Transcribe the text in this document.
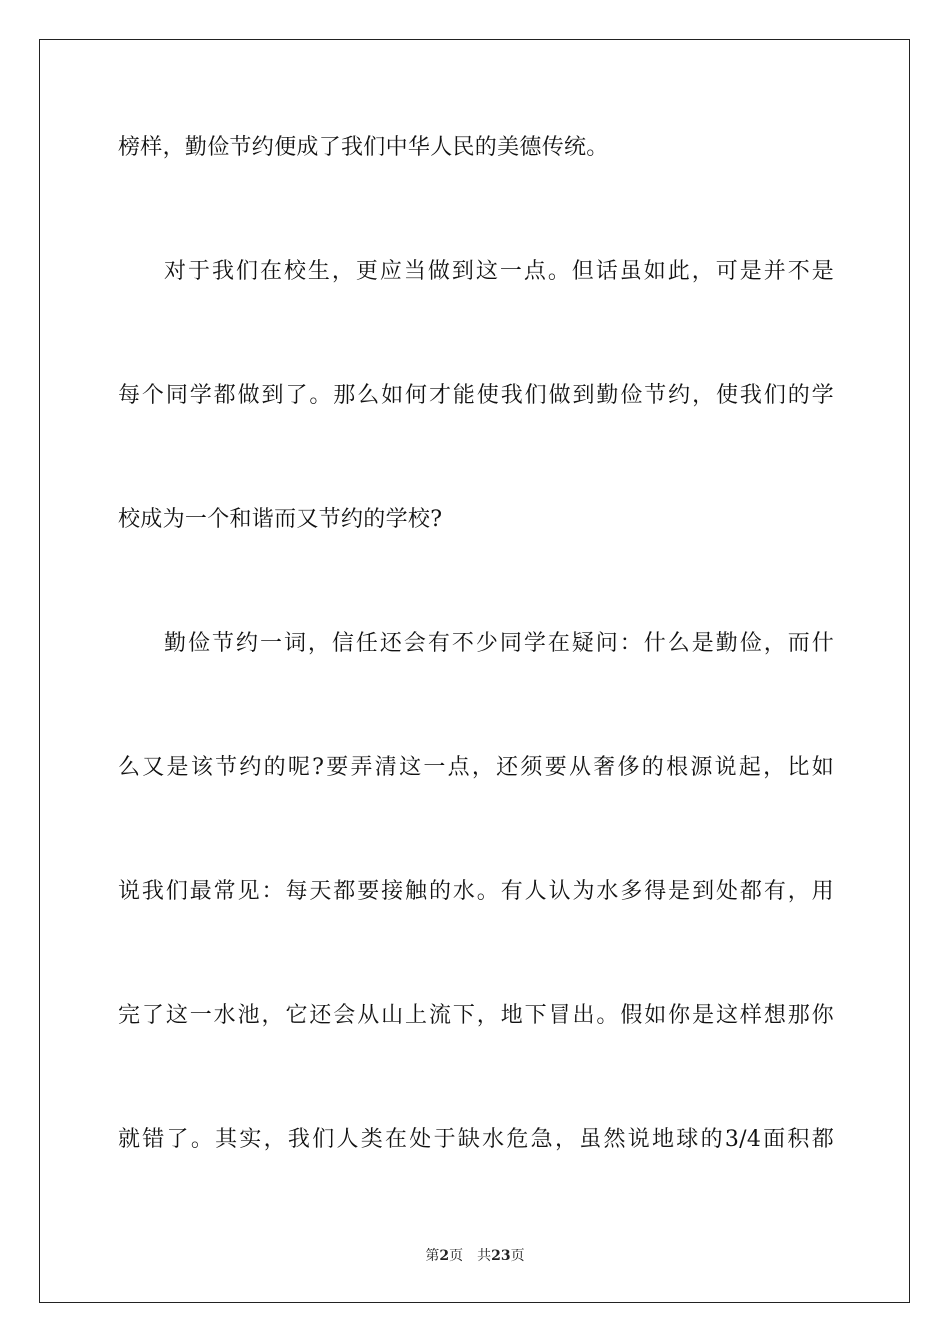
榜样，勤俭节约便成了我们中华人民的美德传统。
对于我们在校生，更应当做到这一点。但话虽如此，可是并不是
每个同学都做到了。那么如何才能使我们做到勤俭节约，使我们的学
校成为一个和谐而又节约的学校?
勤俭节约一词，信任还会有不少同学在疑问：什么是勤俭，而什
么又是该节约的呢?要弄清这一点，还须要从奢侈的根源说起，比如
说我们最常见：每天都要接触的水。有人认为水多得是到处都有，用
完了这一水池，它还会从山上流下，地下冒出。假如你是这样想那你
就错了。其实，我们人类在处于缺水危急，虽然说地球的3/4面积都
第2页 共23页
